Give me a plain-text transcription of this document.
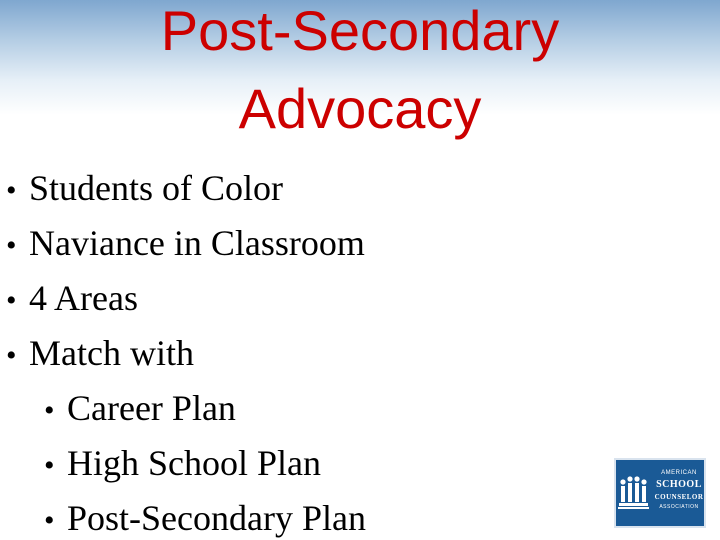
Post-Secondary
Advocacy
• Students of Color
• Naviance in Classroom
• 4 Areas
• Match with
• Career Plan
• High School Plan
• Post-Secondary Plan
AMERICAN
SCHOOL
COUNSELOR
ASSOCIATION
